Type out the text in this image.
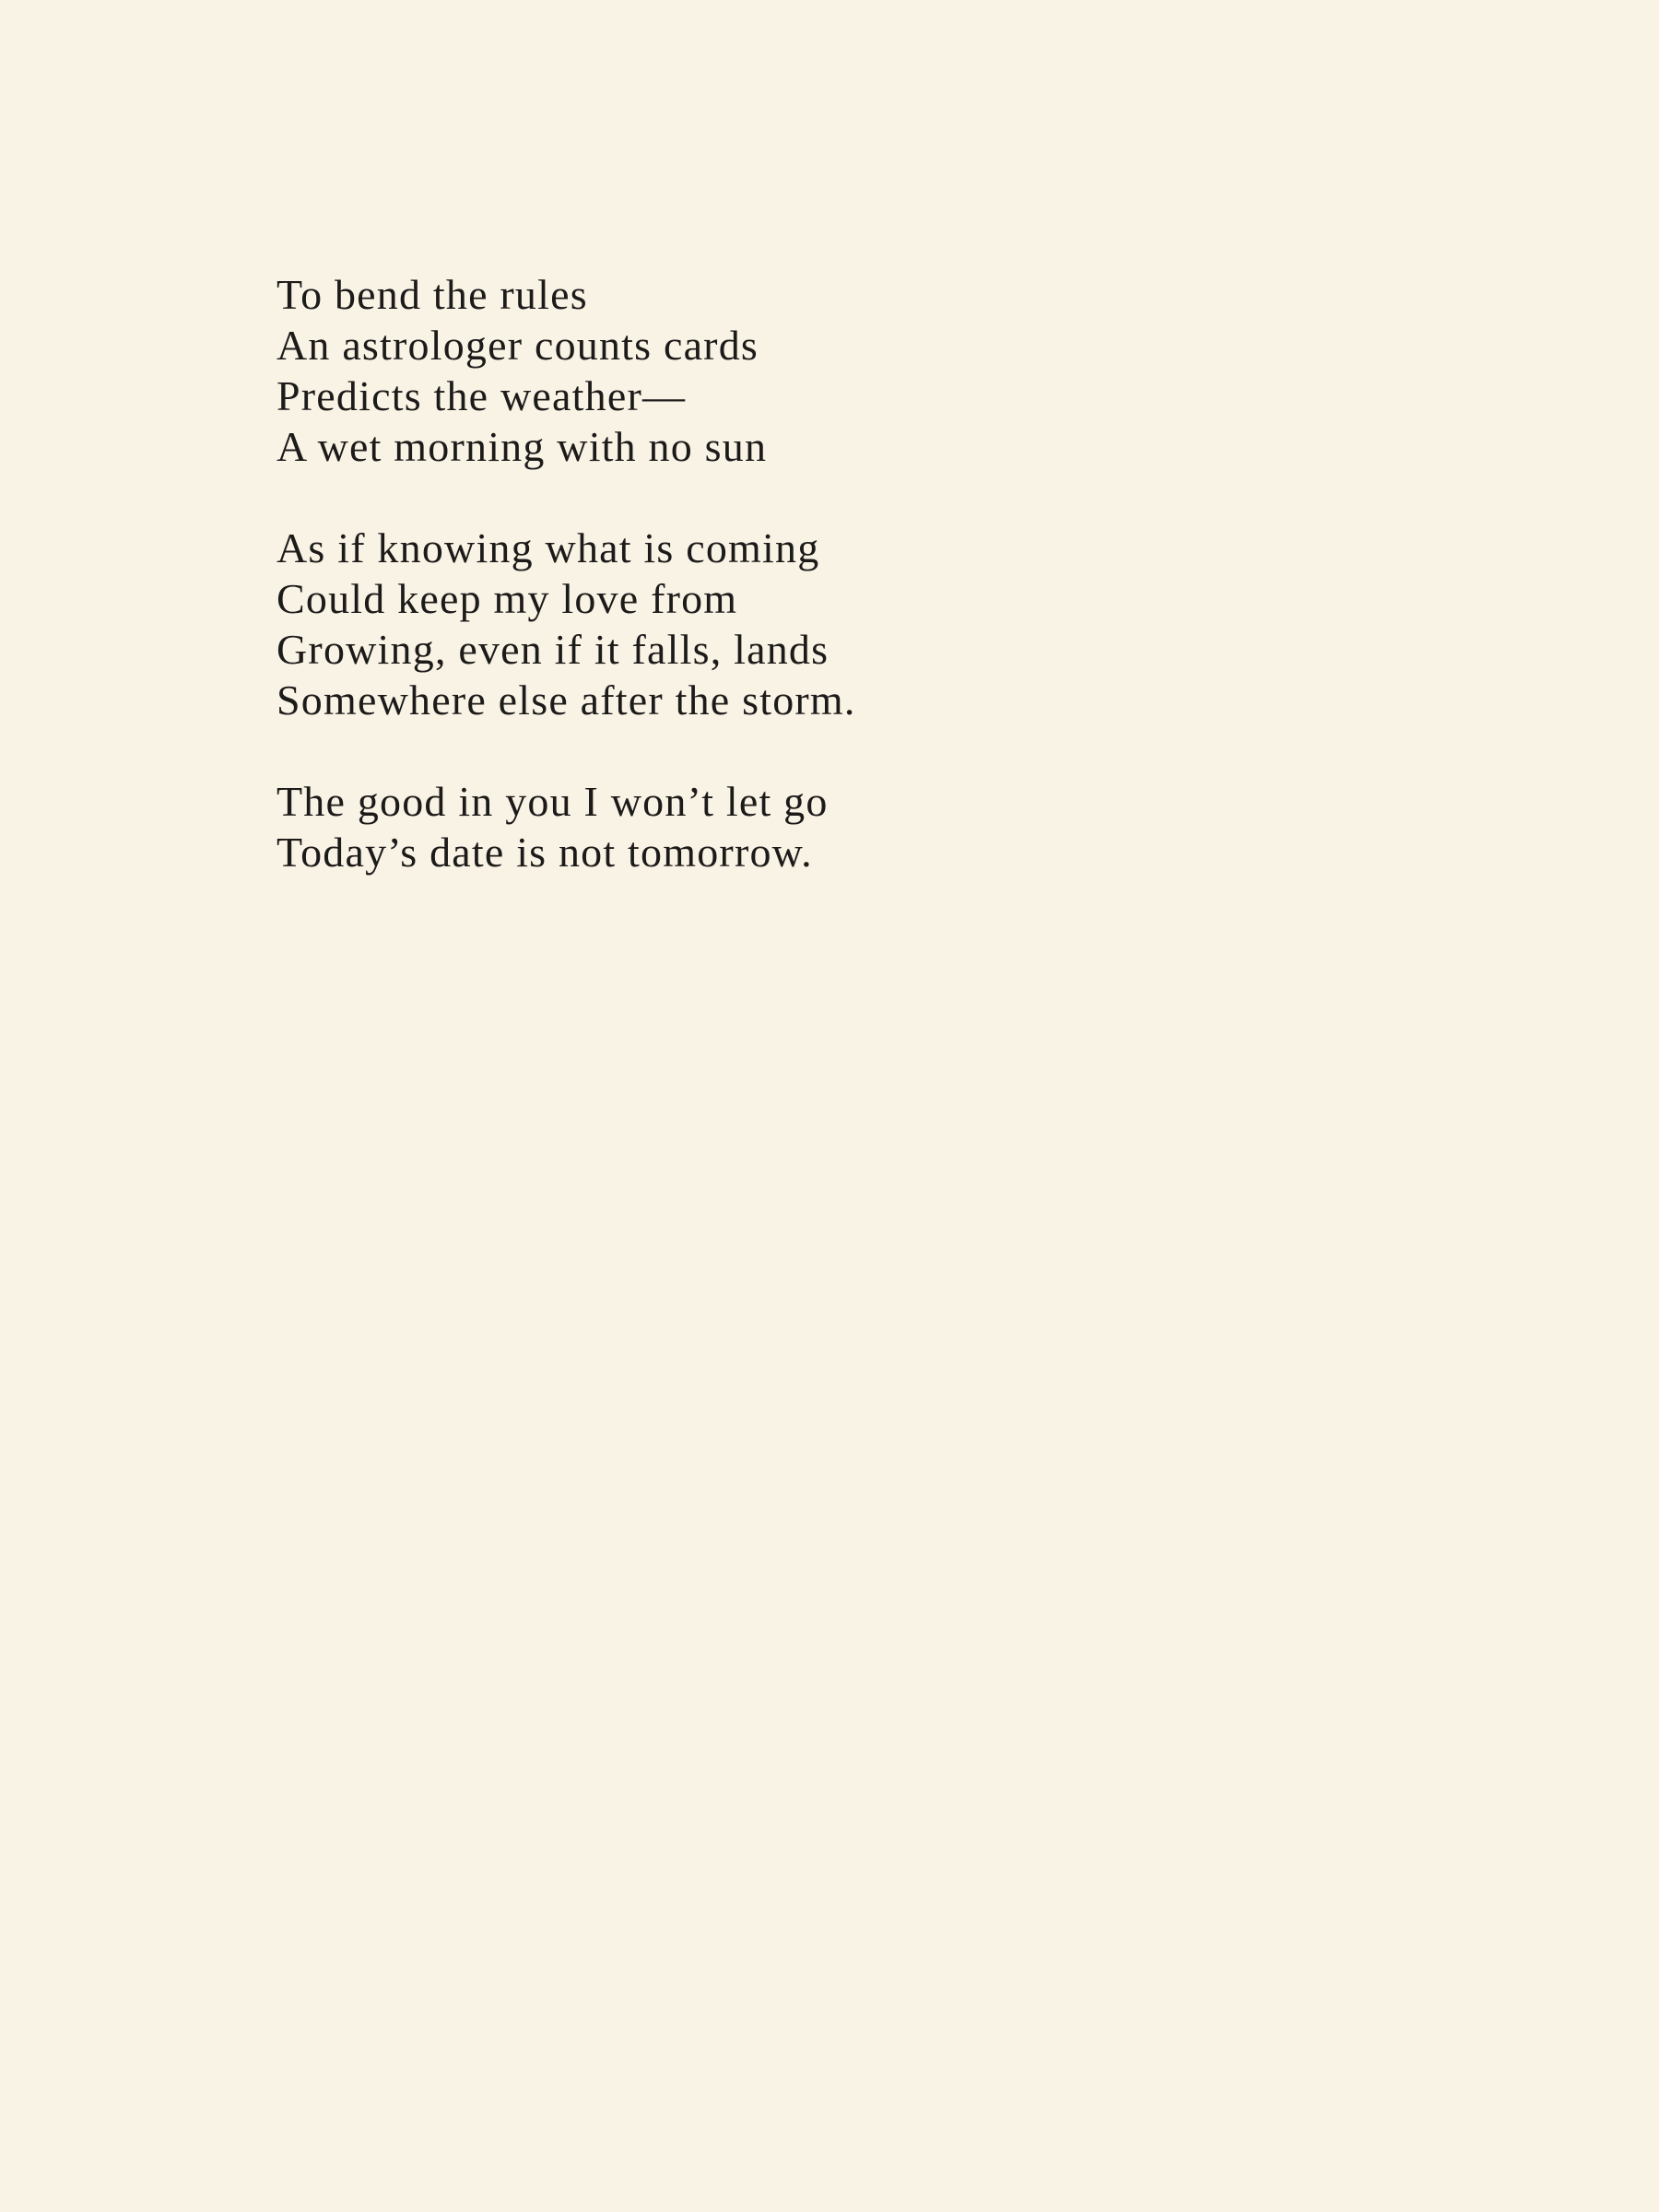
To bend the rules
An astrologer counts cards
Predicts the weather—
A wet morning with no sun
As if knowing what is coming
Could keep my love from
Growing, even if it falls, lands
Somewhere else after the storm.
The good in you I won’t let go
Today’s date is not tomorrow.
